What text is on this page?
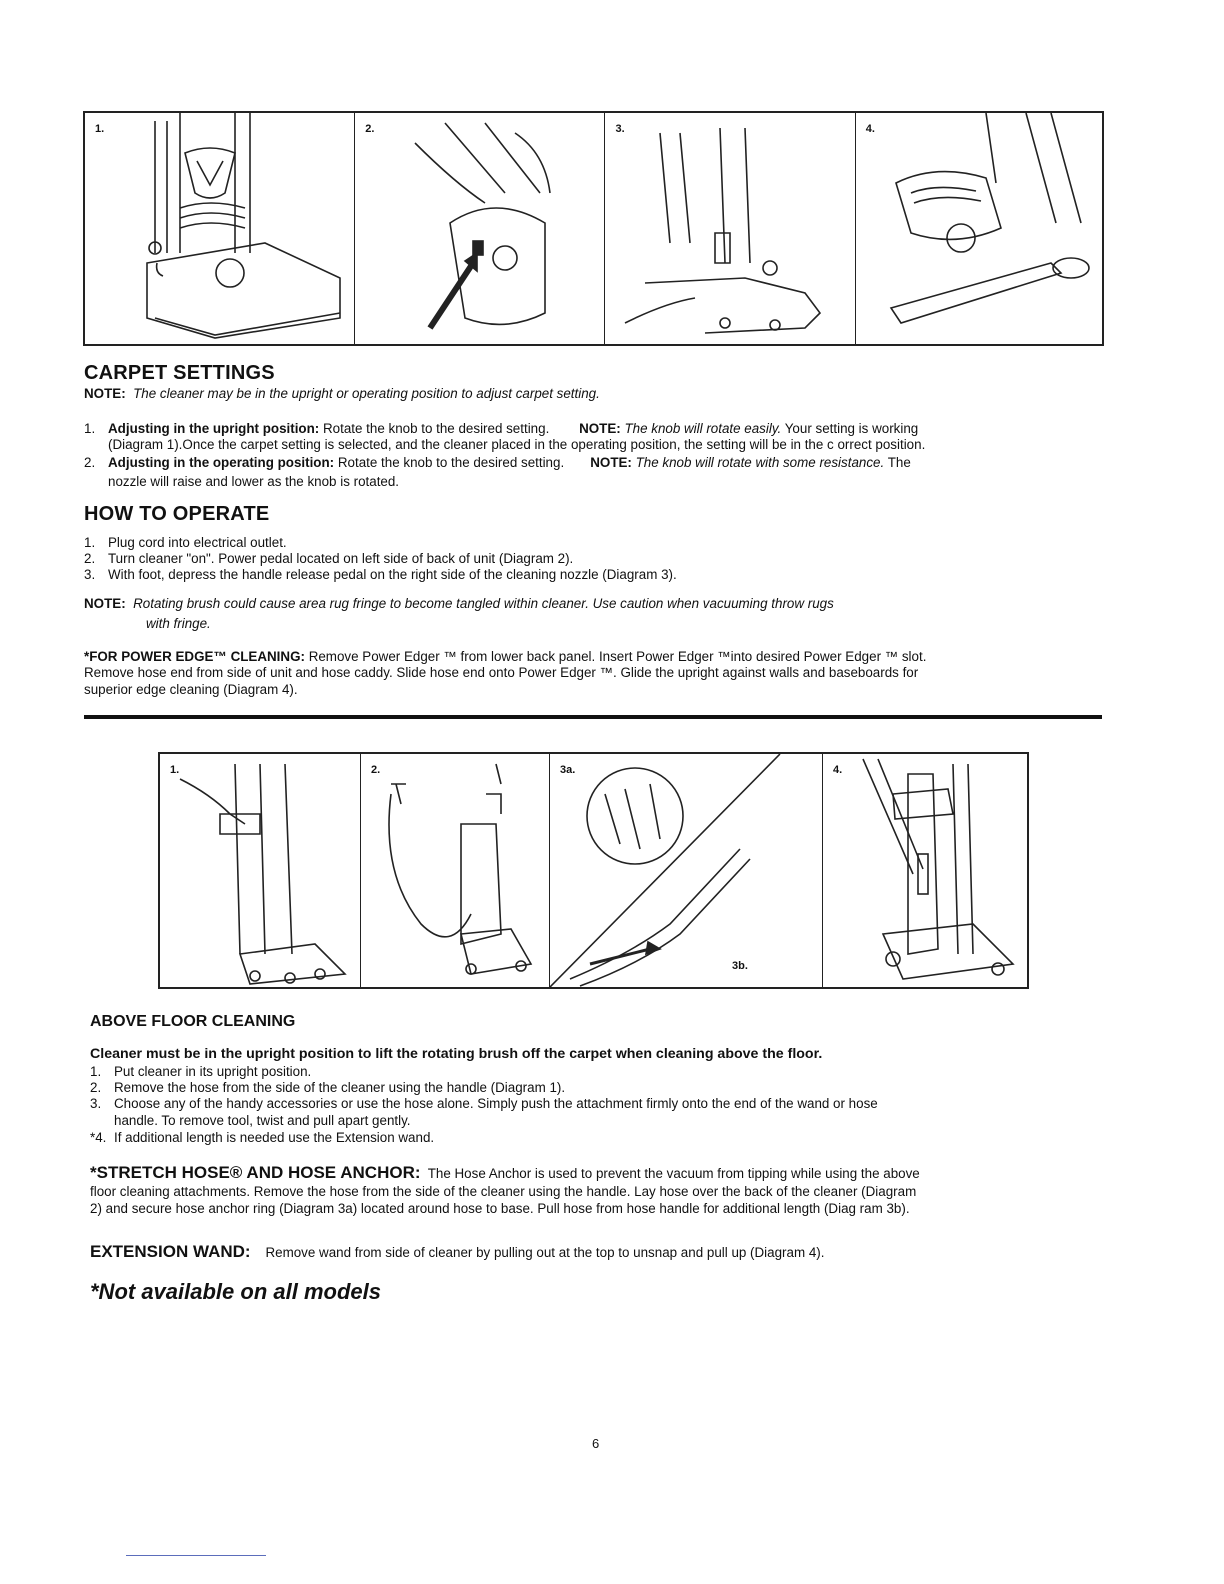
1.	2.	3.	4.
CARPET SETTINGS
NOTE: The cleaner may be in the upright or operating position to adjust carpet setting.
1. Adjusting in the upright position: Rotate the knob to the desired setting. NOTE: The knob will rotate easily. Your setting is working
(Diagram 1).Once the carpet setting is selected, and the cleaner placed in the operating position, the setting will be in the c orrect position.
2. Adjusting in the operating position: Rotate the knob to the desired setting. NOTE: The knob will rotate with some resistance. The
nozzle will raise and lower as the knob is rotated.
HOW TO OPERATE
1. Plug cord into electrical outlet.
2. Turn cleaner "on". Power pedal located on left side of back of unit (Diagram 2).
3. With foot, depress the handle release pedal on the right side of the cleaning nozzle (Diagram 3).
NOTE: Rotating brush could cause area rug fringe to become tangled within cleaner. Use caution when vacuuming throw rugs
with fringe.
*FOR POWER EDGE™ CLEANING: Remove Power Edger ™ from lower back panel. Insert Power Edger ™into desired Power Edger ™ slot.
Remove hose end from side of unit and hose caddy. Slide hose end onto Power Edger ™. Glide the upright against walls and baseboards for
superior edge cleaning (Diagram 4).
1.	2.	3a.
3b.
4.
ABOVE FLOOR CLEANING
Cleaner must be in the upright position to lift the rotating brush off the carpet when cleaning above the floor.
1. Put cleaner in its upright position.
2. Remove the hose from the side of the cleaner using the handle (Diagram 1).
3. Choose any of the handy accessories or use the hose alone. Simply push the attachment firmly onto the end of the wand or hose
handle. To remove tool, twist and pull apart gently.
*4. If additional length is needed use the Extension wand.
*STRETCH HOSE® AND HOSE ANCHOR: The Hose Anchor is used to prevent the vacuum from tipping while using the above
floor cleaning attachments. Remove the hose from the side of the cleaner using the handle. Lay hose over the back of the cleaner (Diagram
2) and secure hose anchor ring (Diagram 3a) located around hose to base. Pull hose from hose handle for additional length (Diag ram 3b).
EXTENSION WAND: Remove wand from side of cleaner by pulling out at the top to unsnap and pull up (Diagram 4).
*Not available on all models
6
